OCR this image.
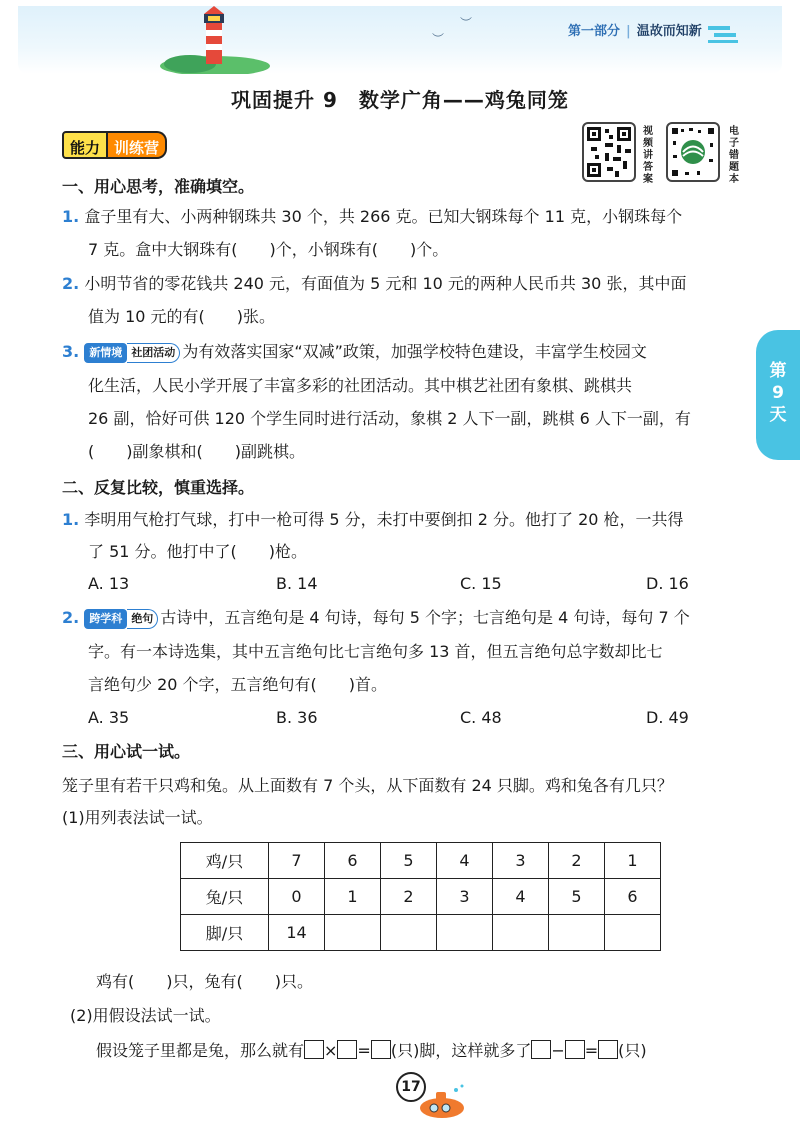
︶
︶
第一部分 | 温故而知新
巩固提升 9　数学广角——鸡兔同笼
能力 训练营
视
频
讲
答
案
电
子
错
题
本
第
9
天
一、用心思考，准确填空。
1. 盒子里有大、小两种钢珠共 30 个，共 266 克。已知大钢珠每个 11 克，小钢珠每个
7 克。盒中大钢珠有(　　)个，小钢珠有(　　)个。
2. 小明节省的零花钱共 240 元，有面值为 5 元和 10 元的两种人民币共 30 张，其中面
值为 10 元的有(　　)张。
3. 新情境 社团活动 为有效落实国家“双减”政策，加强学校特色建设，丰富学生校园文
化生活，人民小学开展了丰富多彩的社团活动。其中棋艺社团有象棋、跳棋共
26 副，恰好可供 120 个学生同时进行活动，象棋 2 人下一副，跳棋 6 人下一副，有
(　　)副象棋和(　　)副跳棋。
二、反复比较，慎重选择。
1. 李明用气枪打气球，打中一枪可得 5 分，未打中要倒扣 2 分。他打了 20 枪，一共得
了 51 分。他打中了(　　)枪。
A. 13	B. 14	C. 15	D. 16
2. 跨学科 绝句 古诗中，五言绝句是 4 句诗，每句 5 个字；七言绝句是 4 句诗，每句 7 个
字。有一本诗选集，其中五言绝句比七言绝句多 13 首，但五言绝句总字数却比七
言绝句少 20 个字，五言绝句有(　　)首。
A. 35	B. 36	C. 48	D. 49
三、用心试一试。
笼子里有若干只鸡和兔。从上面数有 7 个头，从下面数有 24 只脚。鸡和兔各有几只？
(1)用列表法试一试。
鸡/只	7	6	5	4	3	2	1
兔/只	0	1	2	3	4	5	6
脚/只	14						
鸡有(　　)只，兔有(　　)只。
(2)用假设法试一试。
假设笼子里都是兔，那么就有 × = (只)脚，这样就多了 − = (只)
17
